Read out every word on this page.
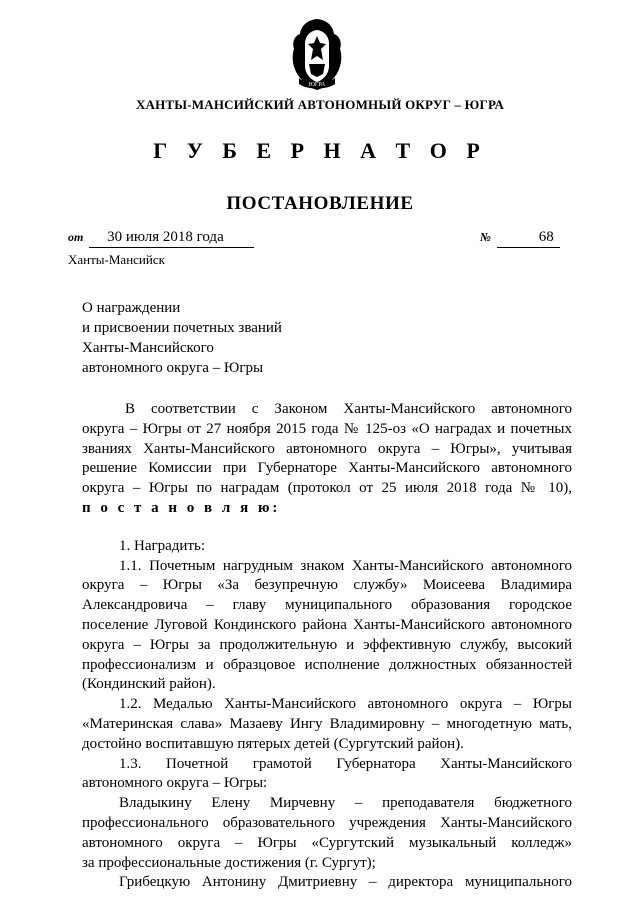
ЮГРА
ХАНТЫ-МАНСИЙСКИЙ АВТОНОМНЫЙ ОКРУГ – ЮГРА
Г У Б Е Р Н А Т О Р
ПОСТАНОВЛЕНИЕ
от 30 июля 2018 года	№	68
Ханты-Мансийск
О награждении
и присвоении почетных званий
Ханты-Мансийского
автономного округа – Югры
В соответствии с Законом Ханты-Мансийского автономного
округа – Югры от 27 ноября 2015 года № 125-оз «О наградах и почетных
званиях Ханты-Мансийского автономного округа – Югры», учитывая
решение Комиссии при Губернаторе Ханты-Мансийского автономного
округа – Югры по наградам (протокол от 25 июля 2018 года № 10),
п о с т а н о в л я ю:
1. Наградить:
1.1. Почетным нагрудным знаком Ханты-Мансийского автономного
округа – Югры «За безупречную службу» Моисеева Владимира
Александровича – главу муниципального образования городское
поселение Луговой Кондинского района Ханты-Мансийского автономного
округа – Югры за продолжительную и эффективную службу, высокий
профессионализм и образцовое исполнение должностных обязанностей
(Кондинский район).
1.2. Медалью Ханты-Мансийского автономного округа – Югры
«Материнская слава» Мазаеву Ингу Владимировну – многодетную мать,
достойно воспитавшую пятерых детей (Сургутский район).
1.3. Почетной грамотой Губернатора Ханты-Мансийского
автономного округа – Югры:
Владыкину Елену Мирчевну – преподавателя бюджетного
профессионального образовательного учреждения Ханты-Мансийского
автономного округа – Югры «Сургутский музыкальный колледж»
за профессиональные достижения (г. Сургут);
Грибецкую Антонину Дмитриевну – директора муниципального
